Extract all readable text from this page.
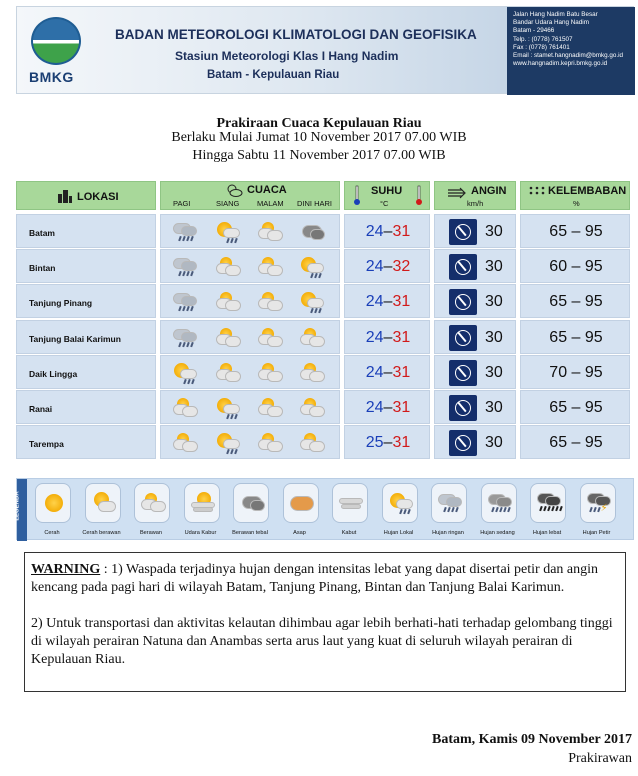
BMKG
BADAN METEOROLOGI KLIMATOLOGI DAN GEOFISIKA
Stasiun Meteorologi Klas I Hang Nadim
Batam - Kepulauan Riau
Jalan Hang Nadim Batu Besar
Bandar Udara Hang Nadim
Batam - 29466
Telp. : (0778) 761507
Fax : (0778) 761401
Email : stamet.hangnadim@bmkg.go.id
www.hangnadim.kepri.bmkg.go.id
Prakiraan Cuaca Kepulauan Riau
Berlaku Mulai Jumat 10 November 2017 07.00 WIB
Hingga Sabtu 11 November 2017 07.00 WIB
LOKASI
CUACA
PAGI	SIANG MALAM DINI HARI
SUHU
°C
ANGIN
km/h
KELEMBABAN
%
Batam	24–31	30	65 – 95
Bintan	24–32	30	60 – 95
Tanjung Pinang	24–31	30	65 – 95
Tanjung Balai Karimun	24–31	30	65 – 95
Daik Lingga	24–31	30	70 – 95
Ranai	24–31	30	65 – 95
Tarempa	25–31	30	65 – 95
LEGENDA
Cerah	Cerah berawan	Berawan	Udara Kabur	Berawan tebal	Asap	Kabut	Hujan Lokal	Hujan ringan	Hujan sedang	Hujan lebat
⚡
Hujan Petir

WARNING : 1) Waspada terjadinya hujan dengan intensitas lebat yang dapat disertai petir dan angin kencang pada pagi hari di wilayah Batam, Tanjung Pinang, Bintan dan Tanjung Balai Karimun.

2) Untuk transportasi dan aktivitas kelautan dihimbau agar lebih berhati-hati terhadap gelombang tinggi di wilayah perairan Natuna dan Anambas serta arus laut yang kuat di seluruh wilayah perairan di Kepulauan Riau.

Batam, Kamis 09 November 2017
Prakirawan
